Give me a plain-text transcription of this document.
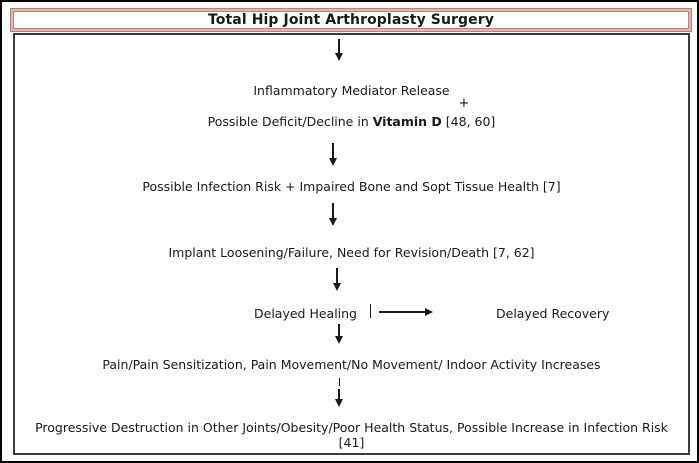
Total Hip Joint Arthroplasty Surgery
Inflammatory Mediator Release
+
Possible Deficit/Decline in Vitamin D [48, 60]
Possible Infection Risk + Impaired Bone and Sopt Tissue Health [7]
Implant Loosening/Failure, Need for Revision/Death [7, 62]
Delayed Healing	Delayed Recovery
Pain/Pain Sensitization, Pain Movement/No Movement/ Indoor Activity Increases
Progressive Destruction in Other Joints/Obesity/Poor Health Status, Possible Increase in Infection Risk
[41]
